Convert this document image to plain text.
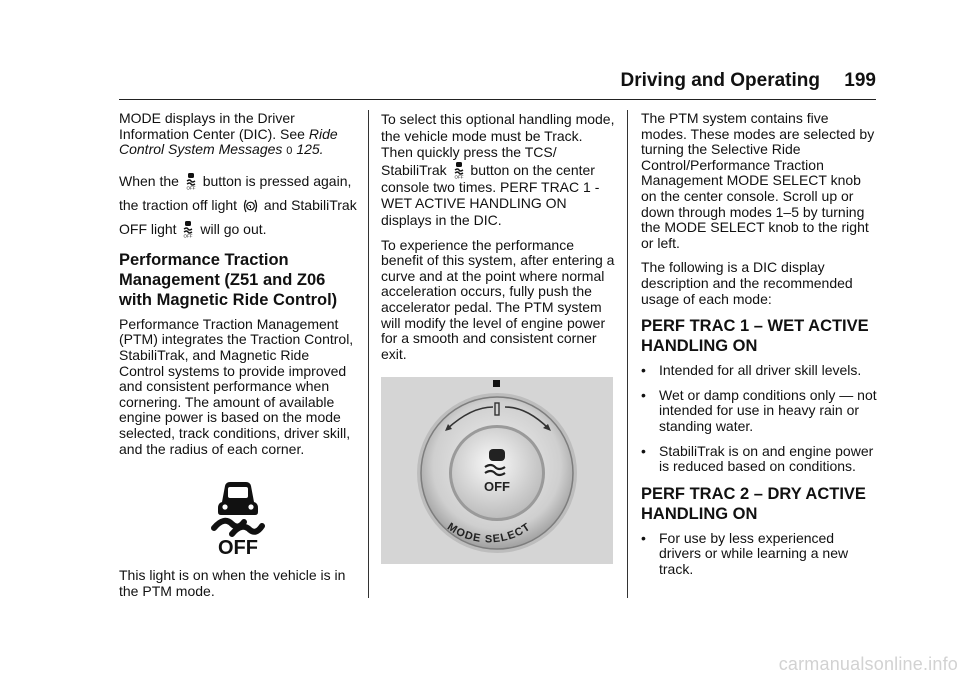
Driving and Operating	199

MODE displays in the Driver Information Center (DIC). See Ride Control System Messages 0 125.

When the OFF button is pressed again, the traction off light and StabiliTrak OFF light OFF will go out.

Performance Traction Management (Z51 and Z06 with Magnetic Ride Control)

Performance Traction Management (PTM) integrates the Traction Control, StabiliTrak, and Magnetic Ride Control systems to provide improved and consistent performance when cornering. The amount of available engine power is based on the mode selected, track conditions, driver skill, and the radius of each corner.

This light is on when the vehicle is in the PTM mode.

OFF

To select this optional handling mode, the vehicle mode must be Track. Then quickly press the TCS/ StabiliTrak OFF button on the center console two times. PERF TRAC 1 - WET ACTIVE HANDLING ON displays in the DIC.

To experience the performance benefit of this system, after entering a curve and at the point where normal acceleration occurs, fully push the accelerator pedal. The PTM system will modify the level of engine power for a smooth and consistent corner exit.

OFF
MODE SELECT

The PTM system contains five modes. These modes are selected by turning the Selective Ride Control/Performance Traction Management MODE SELECT knob on the center console. Scroll up or down through modes 1–5 by turning the MODE SELECT knob to the right or left.

The following is a DIC display description and the recommended usage of each mode:

PERF TRAC 1 – WET ACTIVE HANDLING ON
• Intended for all driver skill levels.
• Wet or damp conditions only — not intended for use in heavy rain or standing water.
• StabiliTrak is on and engine power is reduced based on conditions.
PERF TRAC 2 – DRY ACTIVE HANDLING ON
• For use by less experienced drivers or while learning a new track.
carmanualsonline.info
